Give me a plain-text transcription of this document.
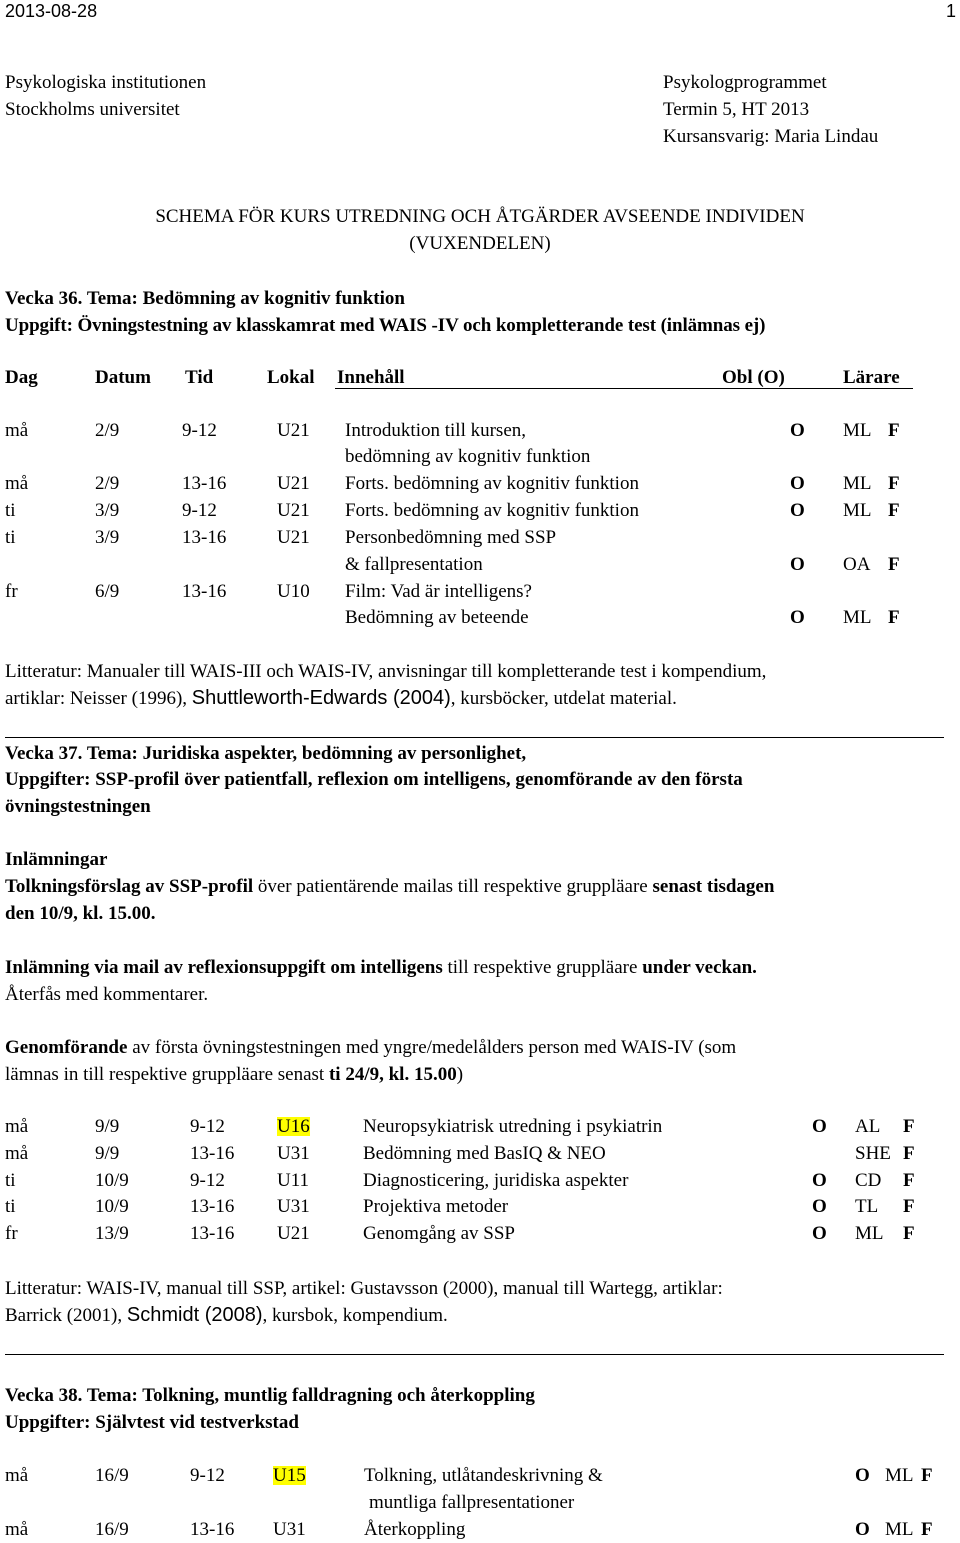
2013-08-28	1
Psykologiska institutionen
Stockholms universitet
Psykologprogrammet
Termin 5, HT 2013
Kursansvarig: Maria Lindau
SCHEMA FÖR KURS UTREDNING OCH ÅTGÄRDER AVSEENDE INDIVIDEN
(VUXENDELEN)
Vecka 36. Tema: Bedömning av kognitiv funktion
Uppgift: Övningstestning av klasskamrat med WAIS -IV och kompletterande test (inlämnas ej)
Dag	Datum Tid	Lokal Innehåll	Obl (O)	Lärare
må	2/9	9-12	U21 Introduktion till kursen,	O ML F
bedömning av kognitiv funktion
må	2/9	13-16	U21 Forts. bedömning av kognitiv funktion	O ML F
ti	3/9	9-12	U21 Forts. bedömning av kognitiv funktion	O ML F
ti	3/9	13-16	U21 Personbedömning med SSP
& fallpresentation	O OA F
fr	6/9	13-16	U10 Film: Vad är intelligens?
Bedömning av beteende	O ML F
Litteratur: Manualer till WAIS-III och WAIS-IV, anvisningar till kompletterande test i kompendium,
artiklar: Neisser (1996), Shuttleworth-Edwards (2004), kursböcker, utdelat material.
Vecka 37. Tema: Juridiska aspekter, bedömning av personlighet,
Uppgifter: SSP-profil över patientfall, reflexion om intelligens, genomförande av den första
övningstestningen
Inlämningar
Tolkningsförslag av SSP-profil över patientärende mailas till respektive gruppläare senast tisdagen
den 10/9, kl. 15.00.
Inlämning via mail av reflexionsuppgift om intelligens till respektive gruppläare under veckan.
Återfås med kommentarer.
Genomförande av första övningstestningen med yngre/medelålders person med WAIS-IV (som
lämnas in till respektive gruppläare senast ti 24/9, kl. 15.00)
må	9/9	9-12	U16	Neuropsykiatrisk utredning i psykiatrin	O AL F
må	9/9	13-16 U31	Bedömning med BasIQ & NEO	SHE F
ti	10/9	9-12	U11	Diagnosticering, juridiska aspekter	O CD F
ti	10/9	13-16 U31	Projektiva metoder	O TL F
fr	13/9	13-16 U21	Genomgång av SSP	O ML F
Litteratur: WAIS-IV, manual till SSP, artikel: Gustavsson (2000), manual till Wartegg, artiklar:
Barrick (2001), Schmidt (2008), kursbok, kompendium.
Vecka 38. Tema: Tolkning, muntlig falldragning och återkoppling
Uppgifter: Självtest vid testverkstad
må	16/9	9-12	U15	Tolkning, utlåtandeskrivning &	O ML F
muntliga fallpresentationer
må	16/9	13-16 U31	Återkoppling	O ML F
